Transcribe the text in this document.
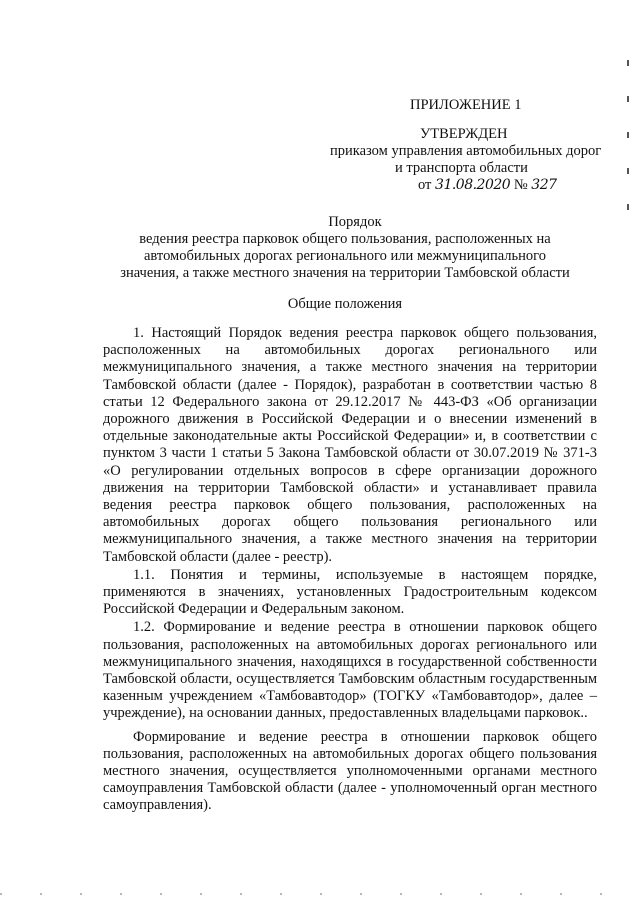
ПРИЛОЖЕНИЕ 1
УТВЕРЖДЕН
приказом управления автомобильных дорог
и транспорта области
от 31.08.2020 № 327
Порядок
ведения реестра парковок общего пользования, расположенных на
автомобильных дорогах регионального или межмуниципального
значения, а также местного значения на территории Тамбовской области
Общие положения

1. Настоящий Порядок ведения реестра парковок общего пользования, расположенных на автомобильных дорогах регионального или межмуниципального значения, а также местного значения на территории Тамбовской области (далее - Порядок), разработан в соответствии частью 8 статьи 12 Федерального закона от 29.12.2017 № 443-ФЗ «Об организации дорожного движения в Российской Федерации и о внесении изменений в отдельные законодательные акты Российской Федерации» и, в соответствии с пунктом 3 части 1 статьи 5 Закона Тамбовской области от 30.07.2019 № 371-3 «О регулировании отдельных вопросов в сфере организации дорожного движения на территории Тамбовской области» и устанавливает правила ведения реестра парковок общего пользования, расположенных на автомобильных дорогах общего пользования регионального или межмуниципального значения, а также местного значения на территории Тамбовской области (далее - реестр).

1.1. Понятия и термины, используемые в настоящем порядке, применяются в значениях, установленных Градостроительным кодексом Российской Федерации и Федеральным законом.

1.2. Формирование и ведение реестра в отношении парковок общего пользования, расположенных на автомобильных дорогах регионального или межмуниципального значения, находящихся в государственной собственности Тамбовской области, осуществляется Тамбовским областным государственным казенным учреждением «Тамбовавтодор» (ТОГКУ «Тамбовавтодор», далее – учреждение), на основании данных, предоставленных владельцами парковок..

Формирование и ведение реестра в отношении парковок общего пользования, расположенных на автомобильных дорогах общего пользования местного значения, осуществляется уполномоченными органами местного самоуправления Тамбовской области (далее - уполномоченный орган местного самоуправления).
